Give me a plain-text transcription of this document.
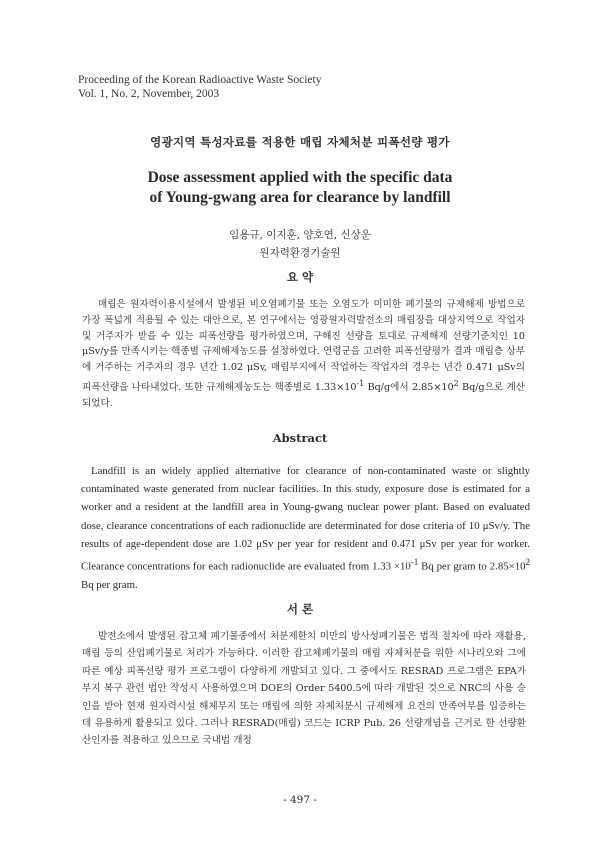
Proceeding of the Korean Radioactive Waste Society
Vol. 1, No. 2, November, 2003
영광지역 특성자료를 적용한 매립 자체처분 피폭선량 평가
Dose assessment applied with the specific data
of Young-gwang area for clearance by landfill
임용규, 이지훈, 양호연, 신상운
원자력환경기술원
요 약
매립은 원자력이용시설에서 발생된 비오염폐기물 또는 오염도가 미미한 폐기물의 규제해제 방법으로 가장 폭넓게 적용될 수 있는 대안으로, 본 연구에서는 영광원자력발전소의 매립장을 대상지역으로 작업자 및 거주자가 받을 수 있는 피폭선량을 평가하였으며, 구해진 선량을 토대로 규제해제 선량기준치인 10 μSv/y를 만족시키는 핵종별 규제해제농도를 설정하였다. 연령군을 고려한 피폭선량평가 결과 매립층 상부에 거주하는 거주자의 경우 년간 1.02 μSv, 매립부지에서 작업하는 작업자의 경우는 년간 0.471 μSv의 피폭선량을 나타내었다. 또한 규제해제농도는 핵종별로 $1.33\times 10^{-1}$ Bq/g에서 $2.85\times 10^2$ Bq/g으로 계산되었다.
Abstract
Landfill is an widely applied alternative for clearance of non-contaminated waste or slightly contaminated waste generated from nuclear facilities. In this study, exposure dose is estimated for a worker and a resident at the landfill area in Young-gwang nuclear power plant. Based on evaluated dose, clearance concentrations of each radionuclide are determinated for dose criteria of 10 μSv/y. The results of age-dependent dose are 1.02 μSv per year for resident and 0.471 μSv per year for worker. Clearance concentrations for each radionuclide are evaluated from $1.33 \times 10^{-1}$ Bq per gram to $2.85\times 10^2$ Bq per gram.
서 론
발전소에서 발생된 잡고체 폐기물중에서 처분제한치 미만의 방사성폐기물은 법적 절차에 따라 재활용, 매립 등의 산업폐기물로 처리가 가능하다. 이러한 잡고체폐기물의 매립 자체처분을 위한 시나리오와 그에 따른 예상 피폭선량 평가 프로그램이 다양하게 개발되고 있다. 그 중에서도 RESRAD 프로그램은 EPA가 부지 복구 관련 법안 작성시 사용하였으며 DOE의 Order 5400.5에 따라 개발된 것으로 NRC의 사용 승인을 받아 현재 원자력시설 해체부지 또는 매립에 의한 자체처분시 규제해제 요건의 만족여부를 입증하는데 유용하게 활용되고 있다. 그러나 RESRAD(매립) 코드는 ICRP Pub. 26 선량개념을 근거로 한 선량환산인자를 적용하고 있으므로 국내법 개정
- 497 -
